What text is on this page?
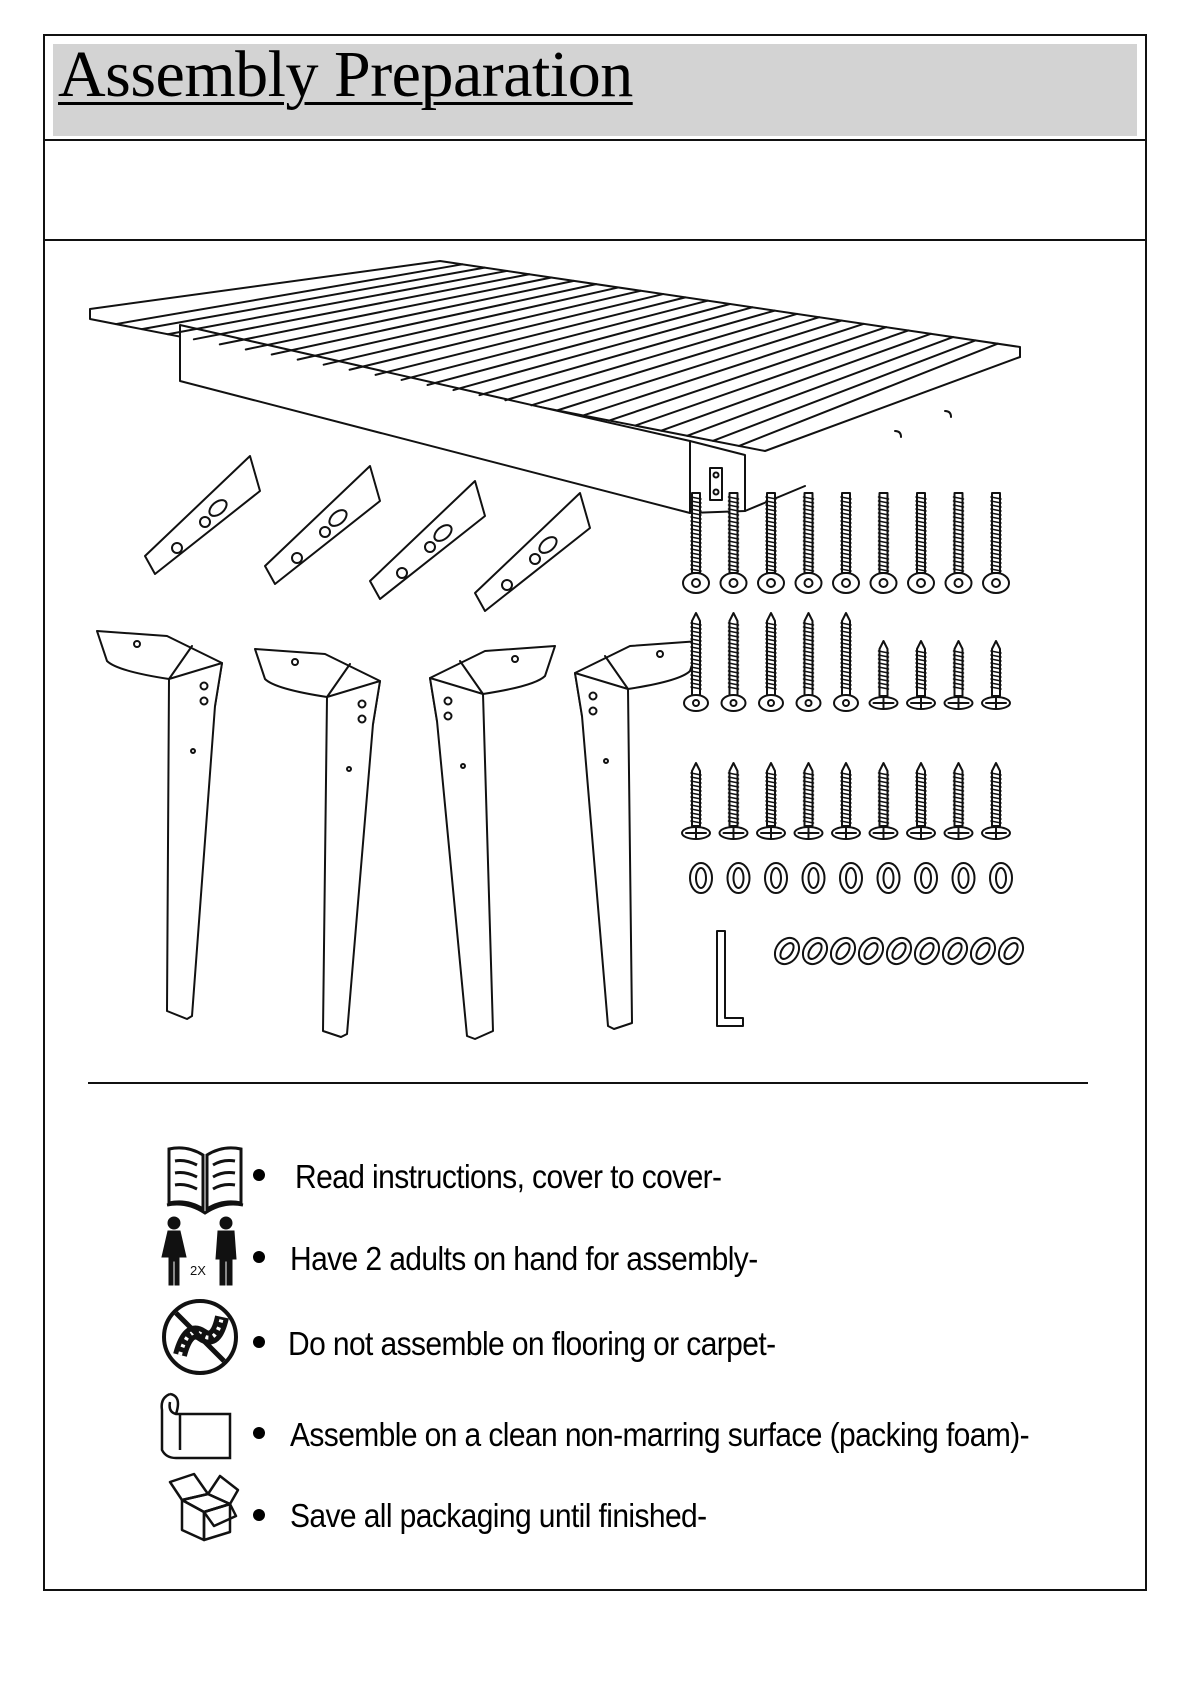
Assembly Preparation
Read instructions, cover to cover-
2X	Have 2 adults on hand for assembly-
Do not assemble on flooring or carpet-
Assemble on a clean non-marring surface (packing foam)-
Save all packaging until finished-
